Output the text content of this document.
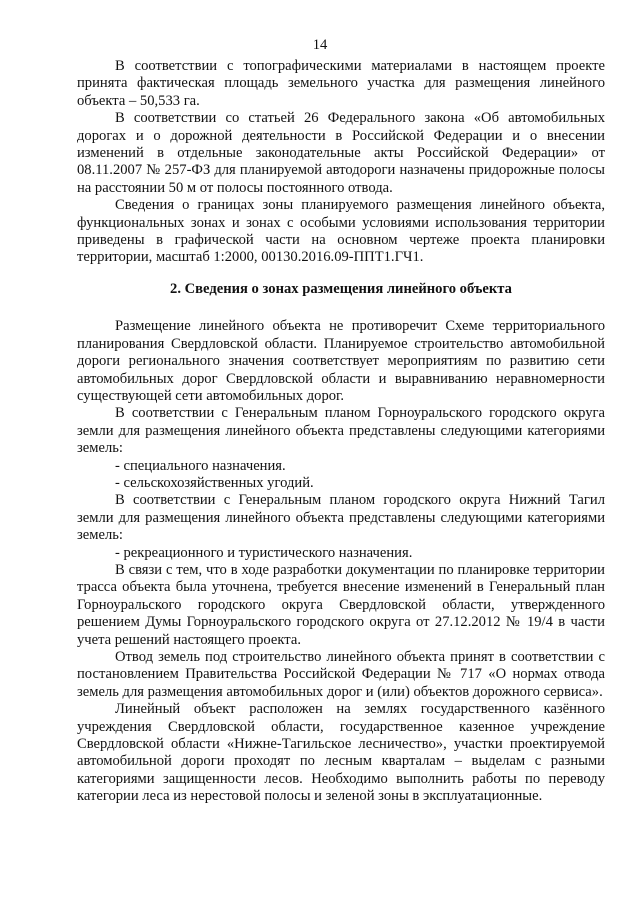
14

В соответствии с топографическими материалами в настоящем проекте принята фактическая площадь земельного участка для размещения линейного объекта – 50,533 га.

В соответствии со статьей 26 Федерального закона «Об автомобильных дорогах и о дорожной деятельности в Российской Федерации и о внесении изменений в отдельные законодательные акты Российской Федерации» от 08.11.2007 № 257-ФЗ для планируемой автодороги назначены придорожные полосы на расстоянии 50 м от полосы постоянного отвода.

Сведения о границах зоны планируемого размещения линейного объекта, функциональных зонах и зонах с особыми условиями использования территории приведены в графической части на основном чертеже проекта планировки территории, масштаб 1:2000, 00130.2016.09-ППТ1.ГЧ1.

2. Сведения о зонах размещения линейного объекта

Размещение линейного объекта не противоречит Схеме территориального планирования Свердловской области. Планируемое строительство автомобильной дороги регионального значения соответствует мероприятиям по развитию сети автомобильных дорог Свердловской области и выравниванию неравномерности существующей сети автомобильных дорог.

В соответствии с Генеральным планом Горноуральского городского округа земли для размещения линейного объекта представлены следующими категориями земель:

- специального назначения.

- сельскохозяйственных угодий.

В соответствии с Генеральным планом городского округа Нижний Тагил земли для размещения линейного объекта представлены следующими категориями земель:

- рекреационного и туристического назначения.

В связи с тем, что в ходе разработки документации по планировке территории трасса объекта была уточнена, требуется внесение изменений в Генеральный план Горноуральского городского округа Свердловской области, утвержденного решением Думы Горноуральского городского округа от 27.12.2012 № 19/4 в части учета решений настоящего проекта.

Отвод земель под строительство линейного объекта принят в соответствии с постановлением Правительства Российской Федерации № 717 «О нормах отвода земель для размещения автомобильных дорог и (или) объектов дорожного сервиса».

Линейный объект расположен на землях государственного казённого учреждения Свердловской области, государственное казенное учреждение Свердловской области «Нижне-Тагильское лесничество», участки проектируемой автомобильной дороги проходят по лесным кварталам – выделам с разными категориями защищенности лесов. Необходимо выполнить работы по переводу категории леса из нерестовой полосы и зеленой зоны в эксплуатационные.
